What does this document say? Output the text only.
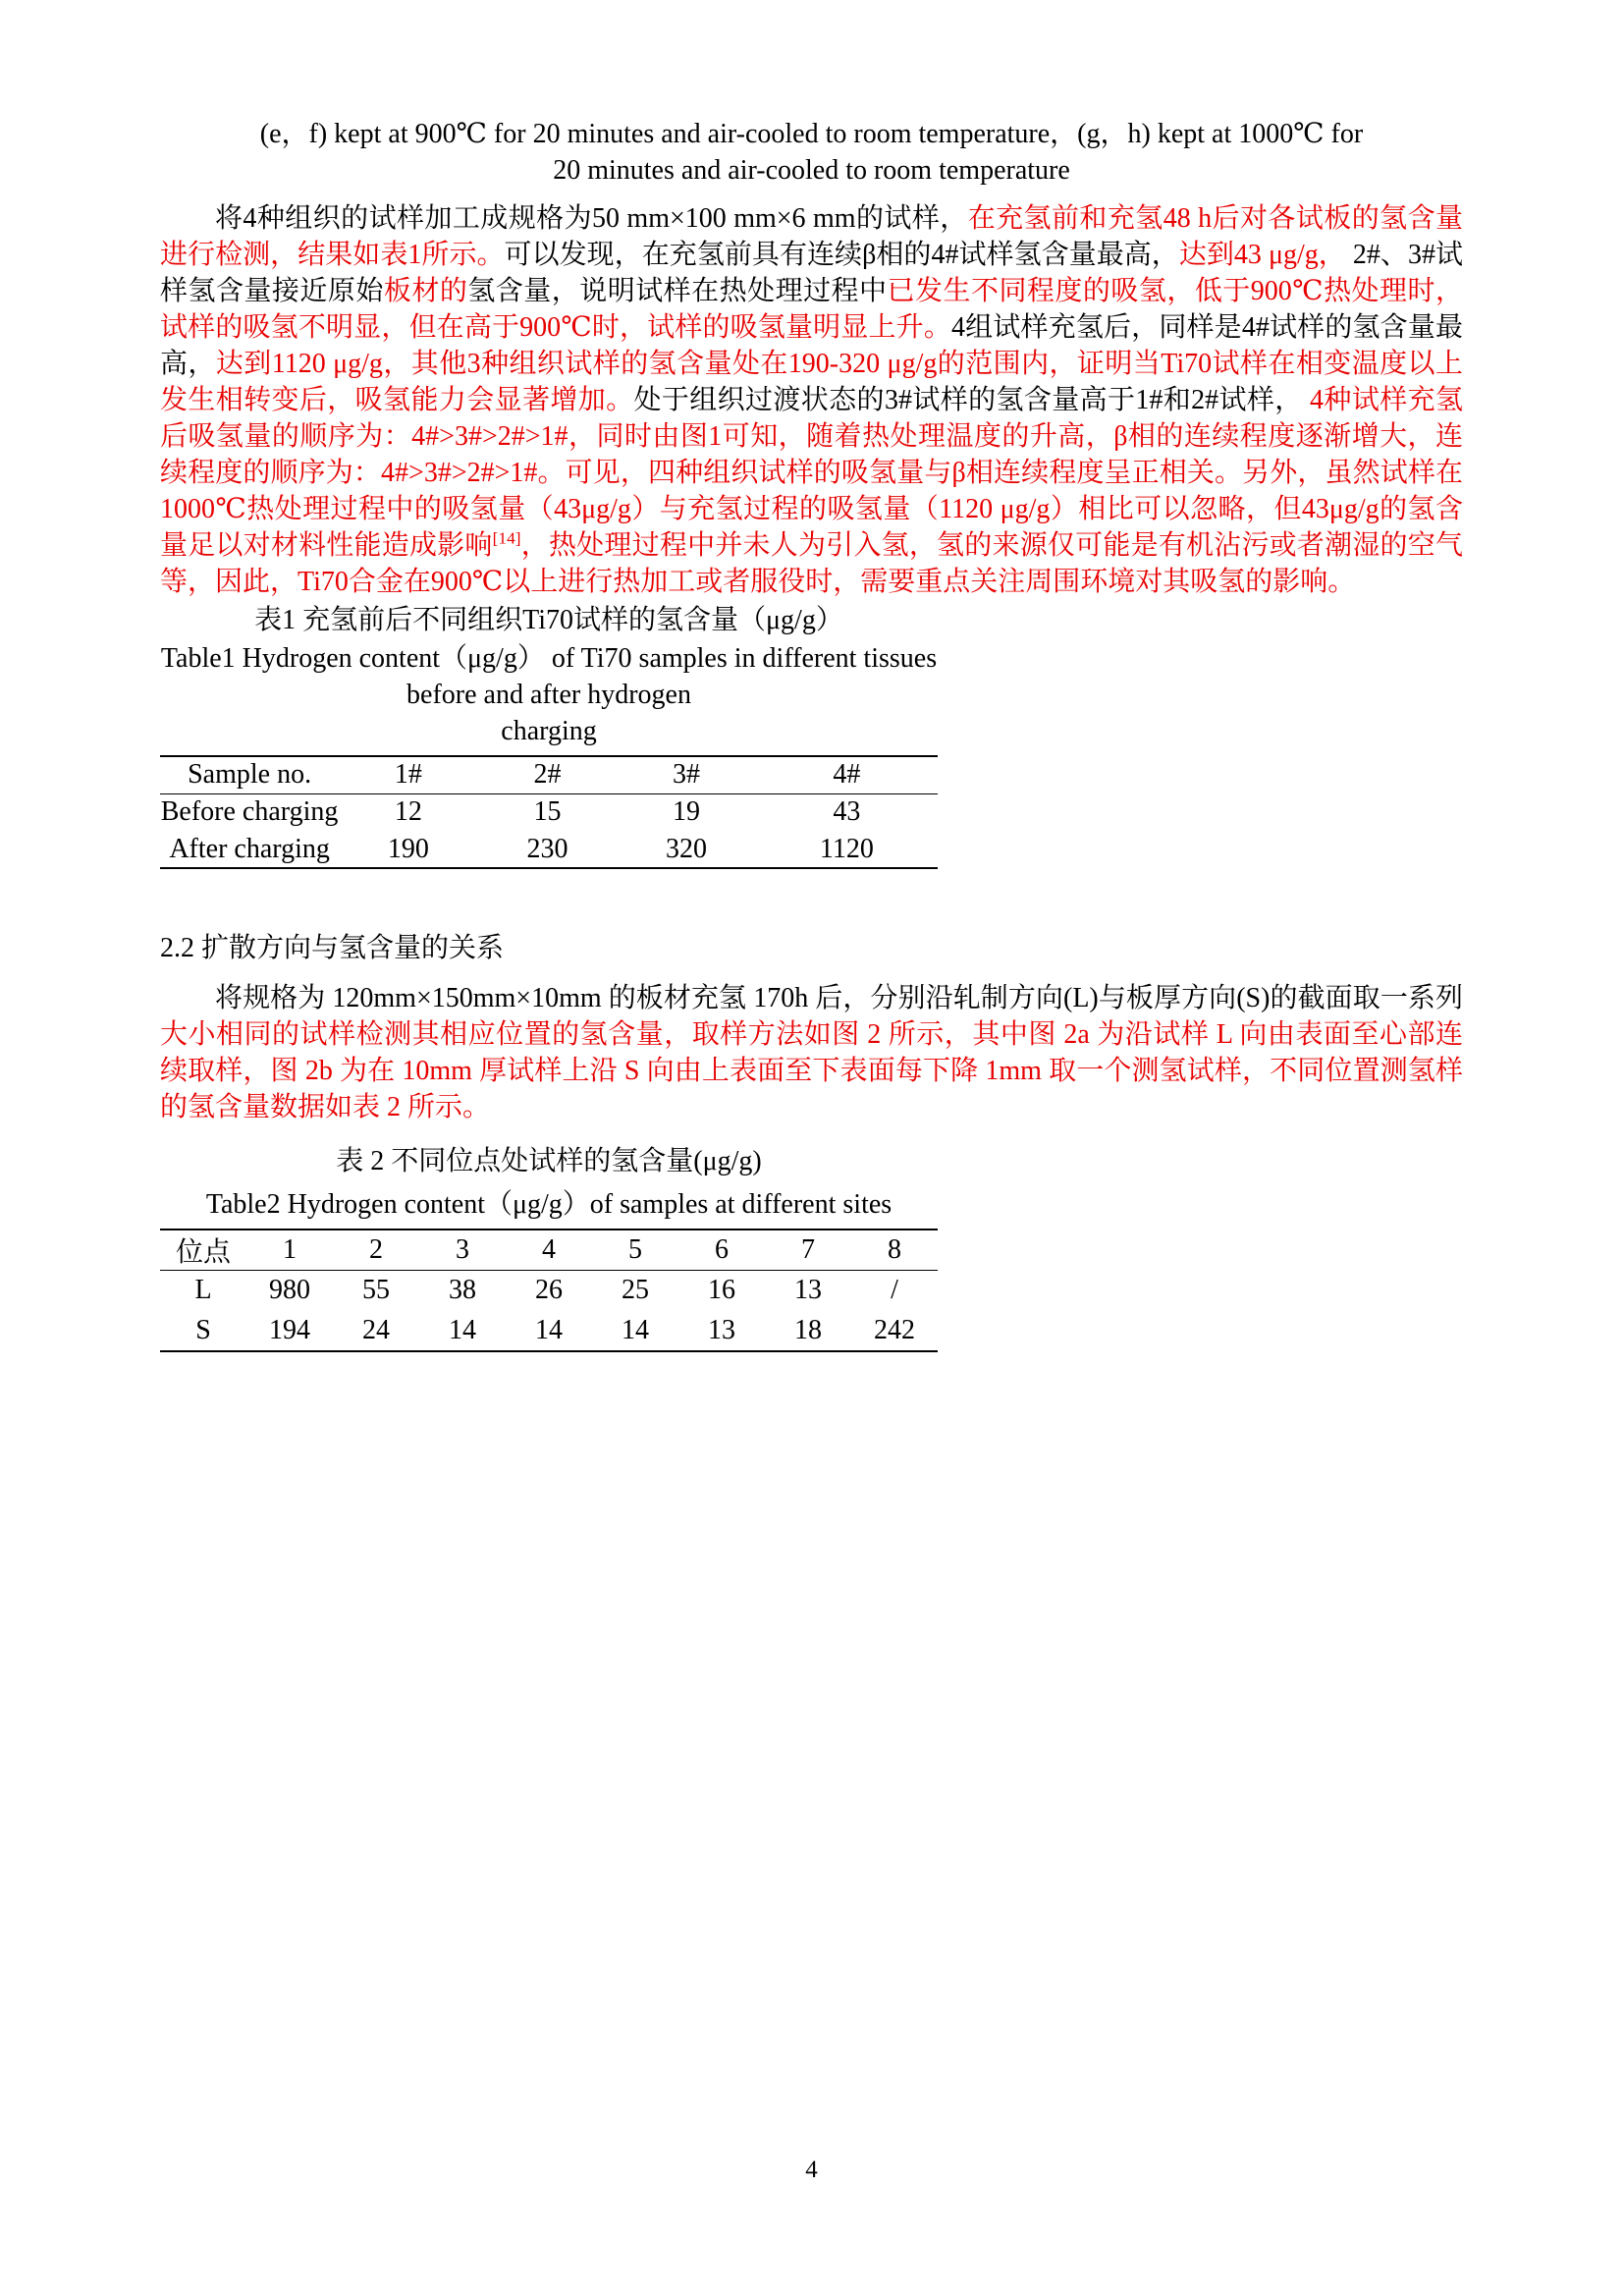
(e，f) kept at 900℃ for 20 minutes and air-cooled to room temperature，(g，h) kept at 1000℃ for
20 minutes and air-cooled to room temperature

将4种组织的试样加工成规格为50 mm×100 mm×6 mm的试样，在充氢前和充氢48 h后对各试板的氢含量进行检测，结果如表1所示。可以发现，在充氢前具有连续β相的4#试样氢含量最高，达到43 μg/g， 2#、3#试样氢含量接近原始板材的氢含量，说明试样在热处理过程中已发生不同程度的吸氢，低于900℃热处理时，试样的吸氢不明显，但在高于900℃时，试样的吸氢量明显上升。4组试样充氢后，同样是4#试样的氢含量最高，达到1120 μg/g，其他3种组织试样的氢含量处在190-320 μg/g的范围内，证明当Ti70试样在相变温度以上发生相转变后，吸氢能力会显著增加。处于组织过渡状态的3#试样的氢含量高于1#和2#试样， 4种试样充氢后吸氢量的顺序为：4#>3#>2#>1#，同时由图1可知，随着热处理温度的升高，β相的连续程度逐渐增大，连续程度的顺序为：4#>3#>2#>1#。可见，四种组织试样的吸氢量与β相连续程度呈正相关。另外，虽然试样在1000℃热处理过程中的吸氢量（43μg/g）与充氢过程的吸氢量（1120 μg/g）相比可以忽略，但43μg/g的氢含量足以对材料性能造成影响[14]，热处理过程中并未人为引入氢，氢的来源仅可能是有机沾污或者潮湿的空气等，因此，Ti70合金在900℃以上进行热加工或者服役时，需要重点关注周围环境对其吸氢的影响。

表1 充氢前后不同组织Ti70试样的氢含量（μg/g）
Table1 Hydrogen content（μg/g） of Ti70 samples in different tissues before and after hydrogen
charging
Sample no.	1#	2#	3#	4#
Before charging	12	15	19	43
After charging	190	230	320	1120
2.2 扩散方向与氢含量的关系

将规格为 120mm×150mm×10mm 的板材充氢 170h 后，分别沿轧制方向(L)与板厚方向(S)的截面取一系列大小相同的试样检测其相应位置的氢含量，取样方法如图 2 所示，其中图 2a 为沿试样 L 向由表面至心部连续取样，图 2b 为在 10mm 厚试样上沿 S 向由上表面至下表面每下降 1mm 取一个测氢试样，不同位置测氢样的氢含量数据如表 2 所示。

表 2 不同位点处试样的氢含量(μg/g)
Table2 Hydrogen content（μg/g）of samples at different sites
位点	1	2	3	4	5	6	7	8
L	980	55	38	26	25	16	13	/
S	194	24	14	14	14	13	18	242
4
